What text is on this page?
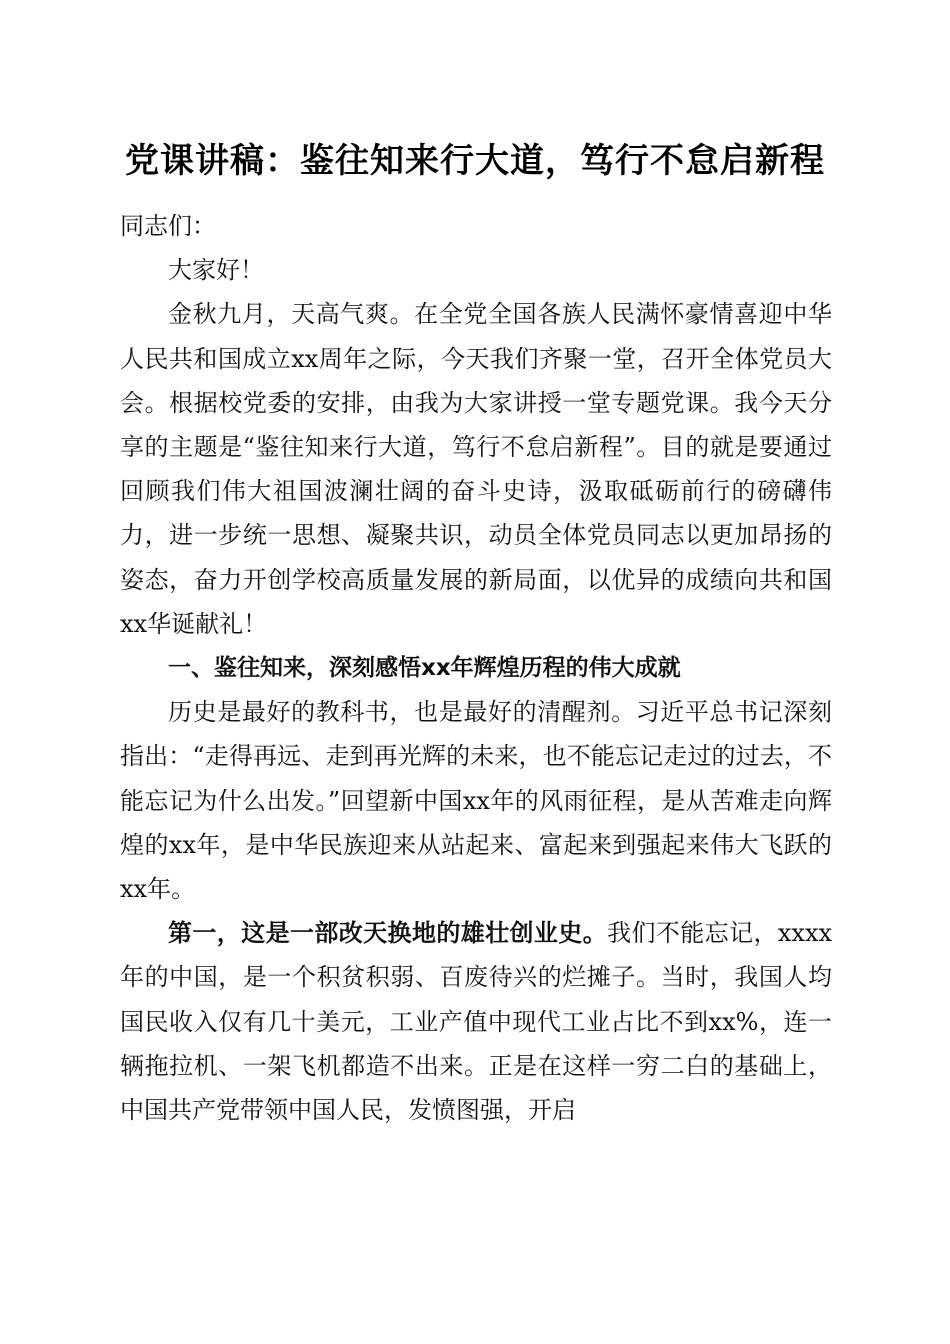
党课讲稿：鉴往知来行大道，笃行不怠启新程

同志们：

大家好！

金秋九月，天高气爽。在全党全国各族人民满怀豪情喜迎中华人民共和国成立xx周年之际，今天我们齐聚一堂，召开全体党员大会。根据校党委的安排，由我为大家讲授一堂专题党课。我今天分享的主题是“鉴往知来行大道，笃行不怠启新程”。目的就是要通过回顾我们伟大祖国波澜壮阔的奋斗史诗，汲取砥砺前行的磅礴伟力，进一步统一思想、凝聚共识，动员全体党员同志以更加昂扬的姿态，奋力开创学校高质量发展的新局面，以优异的成绩向共和国xx华诞献礼！

一、鉴往知来，深刻感悟xx年辉煌历程的伟大成就

历史是最好的教科书，也是最好的清醒剂。习近平总书记深刻指出：“走得再远、走到再光辉的未来，也不能忘记走过的过去，不能忘记为什么出发。”回望新中国xx年的风雨征程，是从苦难走向辉煌的xx年，是中华民族迎来从站起来、富起来到强起来伟大飞跃的xx年。

第一，这是一部改天换地的雄壮创业史。我们不能忘记，xxxx年的中国，是一个积贫积弱、百废待兴的烂摊子。当时，我国人均国民收入仅有几十美元，工业产值中现代工业占比不到xx%，连一辆拖拉机、一架飞机都造不出来。正是在这样一穷二白的基础上，中国共产党带领中国人民，发愤图强，开启
